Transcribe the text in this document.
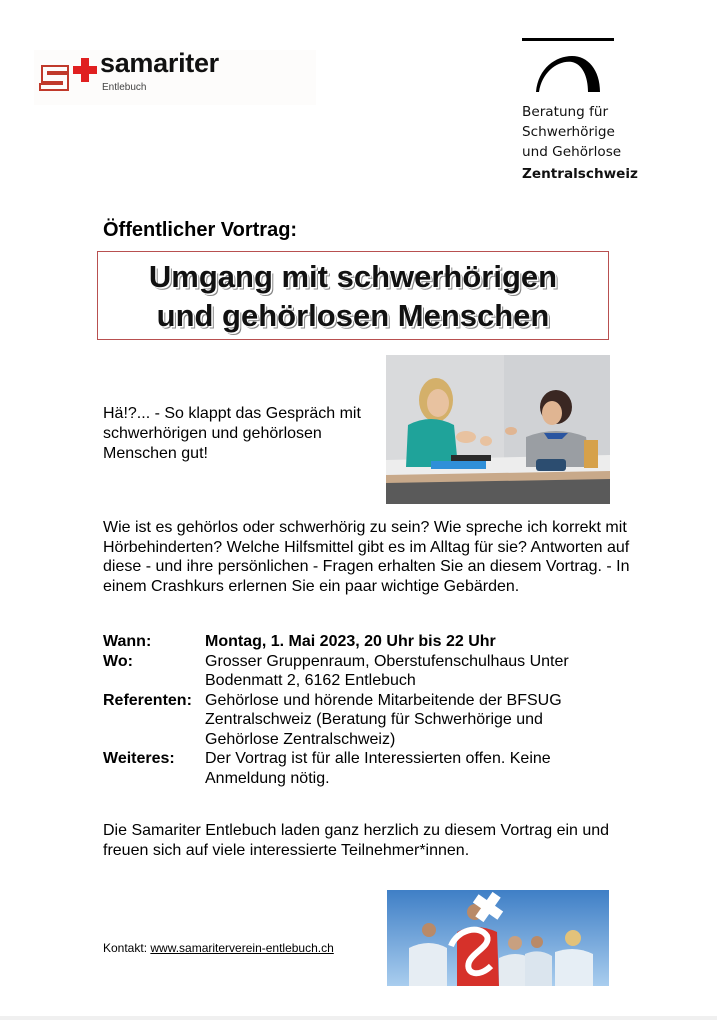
samariter
Entlebuch
Beratung für
Schwerhörige
und Gehörlose
Zentralschweiz
Öffentlicher Vortrag:
Umgang mit schwerhörigen
und gehörlosen Menschen
Hä!?... - So klappt das Gespräch mit schwerhörigen und gehörlosen Menschen gut!
Wie ist es gehörlos oder schwerhörig zu sein? Wie spreche ich korrekt mit Hörbehinderten? Welche Hilfsmittel gibt es im Alltag für sie? Antworten auf diese - und ihre persönlichen - Fragen erhalten Sie an diesem Vortrag. - In einem Crashkurs erlernen Sie ein paar wichtige Gebärden.
Wann:	Montag, 1. Mai 2023, 20 Uhr bis 22 Uhr
Wo:	Grosser Gruppenraum, Oberstufenschulhaus Unter Bodenmatt 2, 6162 Entlebuch
Referenten: Gehörlose und hörende Mitarbeitende der BFSUG Zentralschweiz (Beratung für Schwerhörige und Gehörlose Zentralschweiz)
Weiteres:	Der Vortrag ist für alle Interessierten offen. Keine Anmeldung nötig.
Die Samariter Entlebuch laden ganz herzlich zu diesem Vortrag ein und freuen sich auf viele interessierte Teilnehmer*innen.
Kontakt: www.samariterverein-entlebuch.ch
